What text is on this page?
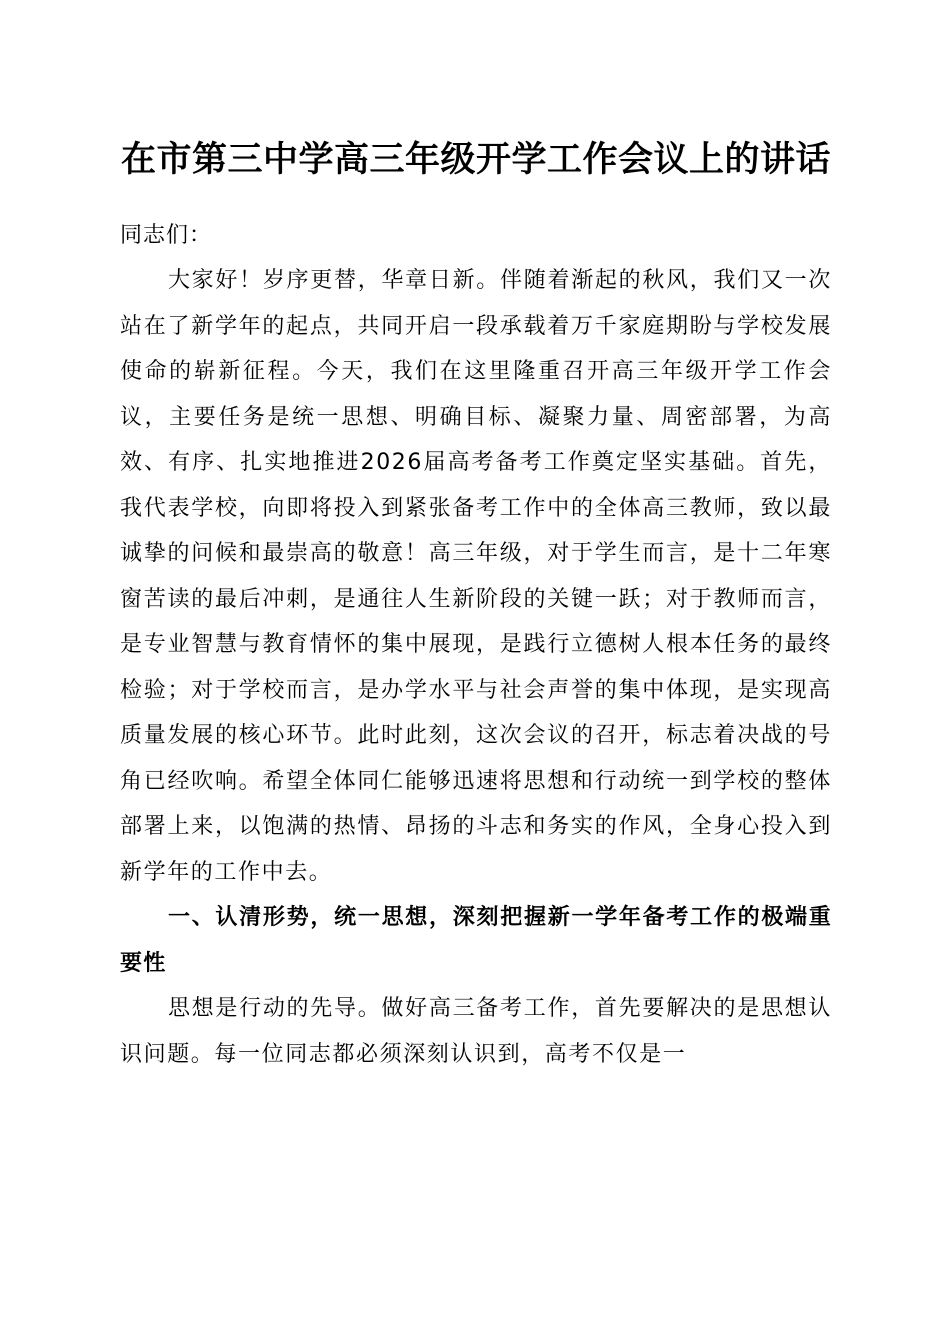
在市第三中学高三年级开学工作会议上的讲话

同志们：

大家好！岁序更替，华章日新。伴随着渐起的秋风，我们又一次站在了新学年的起点，共同开启一段承载着万千家庭期盼与学校发展使命的崭新征程。今天，我们在这里隆重召开高三年级开学工作会议，主要任务是统一思想、明确目标、凝聚力量、周密部署，为高效、有序、扎实地推进2026届高考备考工作奠定坚实基础。首先，我代表学校，向即将投入到紧张备考工作中的全体高三教师，致以最诚挚的问候和最崇高的敬意！高三年级，对于学生而言，是十二年寒窗苦读的最后冲刺，是通往人生新阶段的关键一跃；对于教师而言，是专业智慧与教育情怀的集中展现，是践行立德树人根本任务的最终检验；对于学校而言，是办学水平与社会声誉的集中体现，是实现高质量发展的核心环节。此时此刻，这次会议的召开，标志着决战的号角已经吹响。希望全体同仁能够迅速将思想和行动统一到学校的整体部署上来，以饱满的热情、昂扬的斗志和务实的作风，全身心投入到新学年的工作中去。

一、认清形势，统一思想，深刻把握新一学年备考工作的极端重要性

思想是行动的先导。做好高三备考工作，首先要解决的是思想认识问题。每一位同志都必须深刻认识到，高考不仅是一
